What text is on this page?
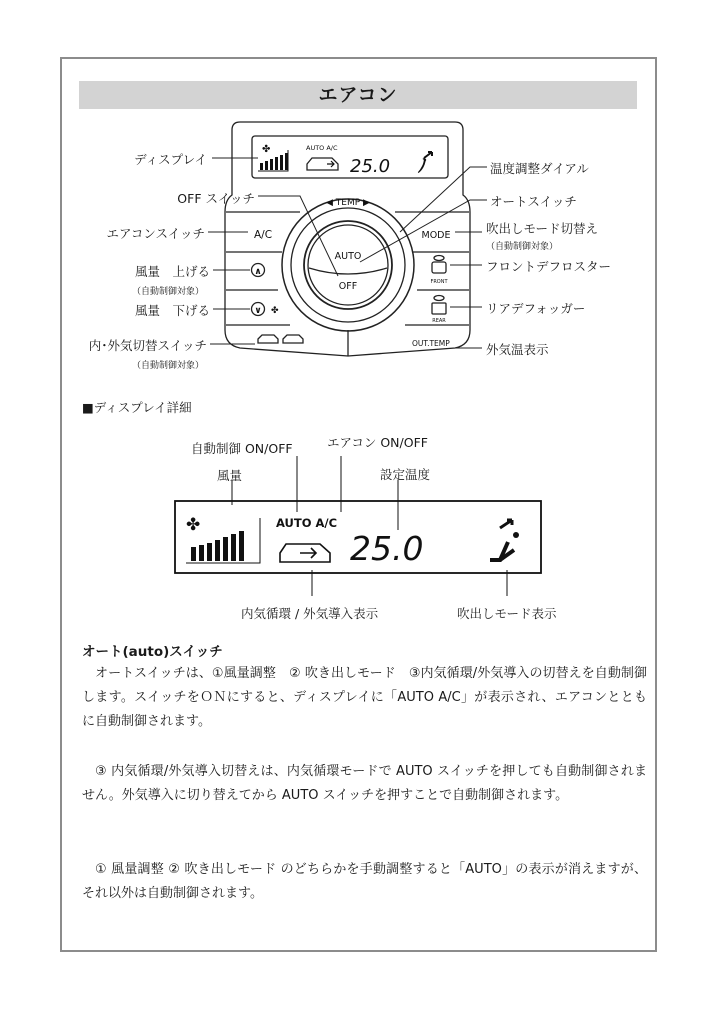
エアコン
✤
ﾉ
AUTO A/C
25.0
◀ TEMP ▶
A/C	MODE
AUTO
OFF
∧
∨ ✤
FRONT
REAR
OUT.TEMP
ディスプレイ
OFF スイッチ
エアコンスイッチ
風量　上げる
（自動制御対象）
風量　下げる
内･外気切替スイッチ
（自動制御対象）
温度調整ダイアル
オートスイッチ
吹出しモード切替え
（自動制御対象）
フロントデフロスター
リアデフォッガー
外気温表示
■ディスプレイ詳細
✤	AUTO A/C
25.0
自動制御 ON/OFF	エアコン ON/OFF
風量	設定温度
内気循環 / 外気導入表示	吹出しモード表示
オート(auto)スイッチ
オートスイッチは、①風量調整　② 吹き出しモード　③内気循環/外気導入の切替えを自動制御します。スイッチをＯＮにすると、ディスプレイに「AUTO A/C」が表示され、エアコンとともに自動制御されます。
③ 内気循環/外気導入切替えは、内気循環モードで AUTO スイッチを押しても自動制御されません。外気導入に切り替えてから AUTO スイッチを押すことで自動制御されます。
① 風量調整 ② 吹き出しモード のどちらかを手動調整すると「AUTO」の表示が消えますが、それ以外は自動制御されます。
